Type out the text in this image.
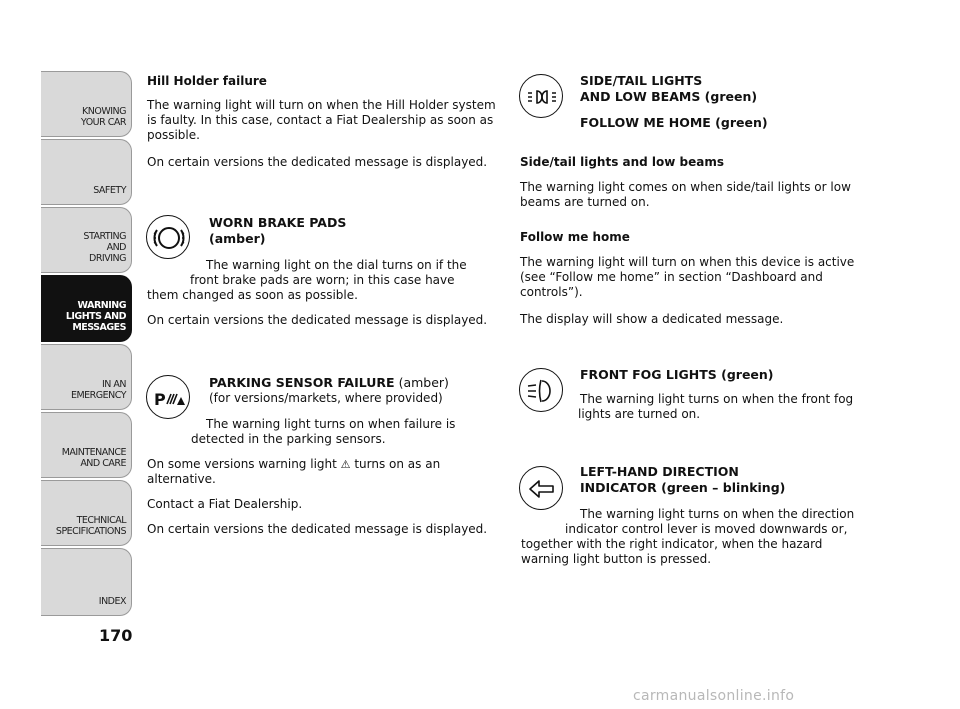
KNOWING
YOUR CAR
SAFETY
STARTING
AND
DRIVING
WARNING
LIGHTS AND
MESSAGES
IN AN
EMERGENCY
MAINTENANCE
AND CARE
TECHNICAL
SPECIFICATIONS
INDEX
170
Hill Holder failure
The warning light will turn on when the Hill Holder system is faulty. In this case, contact a Fiat Dealership as soon as possible.
On certain versions the dedicated message is displayed.
WORN BRAKE PADS
(amber)
The warning light on the dial turns on if the
front brake pads are worn; in this case have
them changed as soon as possible.
On certain versions the dedicated message is displayed.
P
PARKING SENSOR FAILURE (amber)
(for versions/markets, where provided)
The warning light turns on when failure is
detected in the parking sensors.
On some versions warning light ⚠ turns on as an
alternative.
Contact a Fiat Dealership.
On certain versions the dedicated message is displayed.
SIDE/TAIL LIGHTS
AND LOW BEAMS (green)
FOLLOW ME HOME (green)
Side/tail lights and low beams
The warning light comes on when side/tail lights or low beams are turned on.
Follow me home
The warning light will turn on when this device is active (see “Follow me home” in section “Dashboard and controls”).
The display will show a dedicated message.
FRONT FOG LIGHTS (green)
The warning light turns on when the front fog
lights are turned on.
LEFT-HAND DIRECTION
INDICATOR (green – blinking)
The warning light turns on when the direction
indicator control lever is moved downwards or,
together with the right indicator, when the hazard
warning light button is pressed.
carmanualsonline.info
